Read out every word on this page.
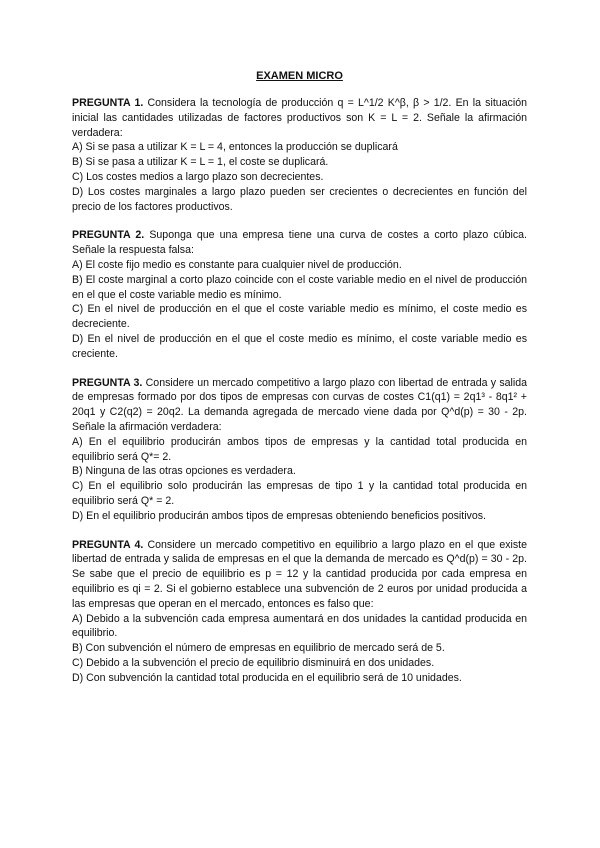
EXAMEN MICRO

PREGUNTA 1. Considera la tecnología de producción q = L^1/2 K^β, β > 1/2. En la situación inicial las cantidades utilizadas de factores productivos son K = L = 2. Señale la afirmación verdadera:

A) Si se pasa a utilizar K = L = 4, entonces la producción se duplicará
B) Si se pasa a utilizar K = L = 1, el coste se duplicará.
C) Los costes medios a largo plazo son decrecientes.
D) Los costes marginales a largo plazo pueden ser crecientes o decrecientes en función del precio de los factores productivos.

PREGUNTA 2. Suponga que una empresa tiene una curva de costes a corto plazo cúbica. Señale la respuesta falsa:

A) El coste fijo medio es constante para cualquier nivel de producción.
B) El coste marginal a corto plazo coincide con el coste variable medio en el nivel de producción en el que el coste variable medio es mínimo.
C) En el nivel de producción en el que el coste variable medio es mínimo, el coste medio es decreciente.
D) En el nivel de producción en el que el coste medio es mínimo, el coste variable medio es creciente.

PREGUNTA 3. Considere un mercado competitivo a largo plazo con libertad de entrada y salida de empresas formado por dos tipos de empresas con curvas de costes C1(q1) = 2q1³ - 8q1² + 20q1 y C2(q2) = 20q2. La demanda agregada de mercado viene dada por Q^d(p) = 30 - 2p. Señale la afirmación verdadera:

A) En el equilibrio producirán ambos tipos de empresas y la cantidad total producida en equilibrio será Q*= 2.
B) Ninguna de las otras opciones es verdadera.
C) En el equilibrio solo producirán las empresas de tipo 1 y la cantidad total producida en equilibrio será Q* = 2.
D) En el equilibrio producirán ambos tipos de empresas obteniendo beneficios positivos.

PREGUNTA 4. Considere un mercado competitivo en equilibrio a largo plazo en el que existe libertad de entrada y salida de empresas en el que la demanda de mercado es Q^d(p) = 30 - 2p. Se sabe que el precio de equilibrio es p = 12 y la cantidad producida por cada empresa en equilibrio es qi = 2. Si el gobierno establece una subvención de 2 euros por unidad producida a las empresas que operan en el mercado, entonces es falso que:

A) Debido a la subvención cada empresa aumentará en dos unidades la cantidad producida en equilibrio.
B) Con subvención el número de empresas en equilibrio de mercado será de 5.
C) Debido a la subvención el precio de equilibrio disminuirá en dos unidades.
D) Con subvención la cantidad total producida en el equilibrio será de 10 unidades.
